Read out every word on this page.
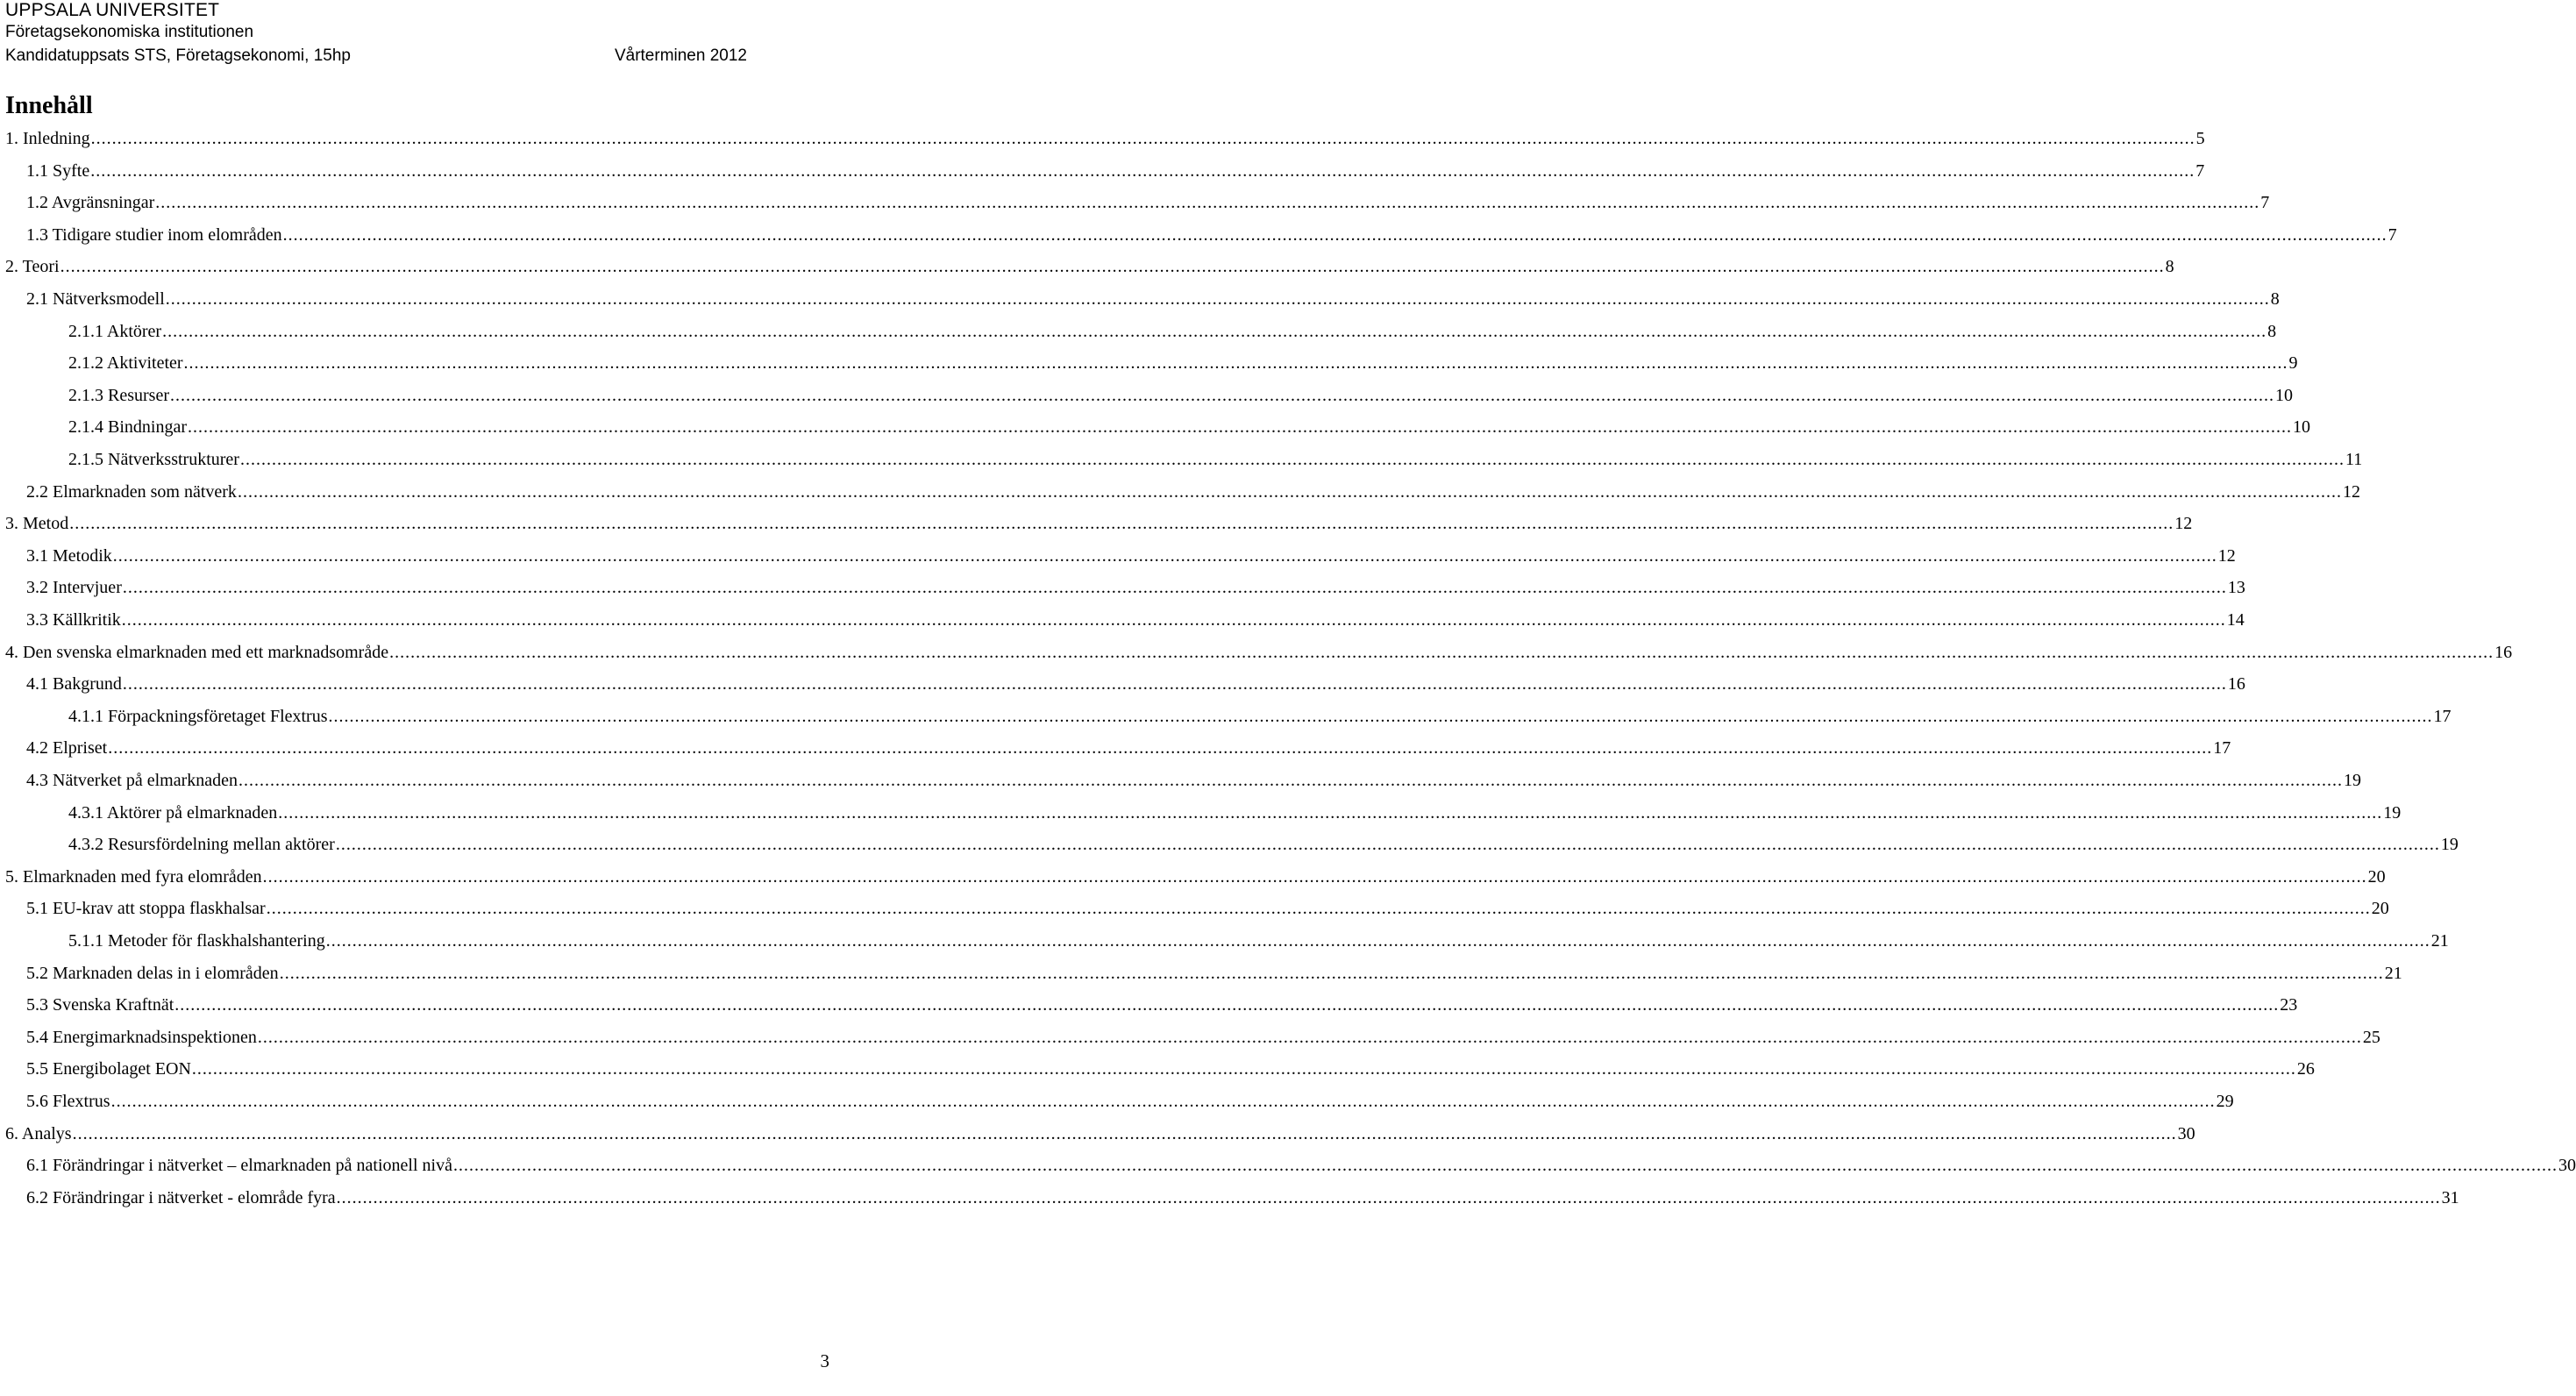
UPPSALA UNIVERSITET
Företagsekonomiska institutionen
Kandidatuppsats STS, Företagsekonomi, 15hp	Vårterminen 2012
Innehåll
1. Inledning ................................................................................................................................................................................................................................................................................................................................................................................................................ 5
1.1 Syfte ................................................................................................................................................................................................................................................................................................................................................................................................................ 7
1.2 Avgränsningar ................................................................................................................................................................................................................................................................................................................................................................................................................ 7
1.3 Tidigare studier inom elområden ................................................................................................................................................................................................................................................................................................................................................................................................................ 7
2. Teori ................................................................................................................................................................................................................................................................................................................................................................................................................ 8
2.1 Nätverksmodell ................................................................................................................................................................................................................................................................................................................................................................................................................ 8
2.1.1 Aktörer ................................................................................................................................................................................................................................................................................................................................................................................................................ 8
2.1.2 Aktiviteter ................................................................................................................................................................................................................................................................................................................................................................................................................ 9
2.1.3 Resurser ................................................................................................................................................................................................................................................................................................................................................................................................................ 10
2.1.4 Bindningar ................................................................................................................................................................................................................................................................................................................................................................................................................ 10
2.1.5 Nätverksstrukturer ................................................................................................................................................................................................................................................................................................................................................................................................................ 11
2.2 Elmarknaden som nätverk ................................................................................................................................................................................................................................................................................................................................................................................................................ 12
3. Metod ................................................................................................................................................................................................................................................................................................................................................................................................................ 12
3.1 Metodik ................................................................................................................................................................................................................................................................................................................................................................................................................ 12
3.2 Intervjuer ................................................................................................................................................................................................................................................................................................................................................................................................................ 13
3.3 Källkritik ................................................................................................................................................................................................................................................................................................................................................................................................................ 14
4. Den svenska elmarknaden med ett marknadsområde ................................................................................................................................................................................................................................................................................................................................................................................................................ 16
4.1 Bakgrund ................................................................................................................................................................................................................................................................................................................................................................................................................ 16
4.1.1 Förpackningsföretaget Flextrus ................................................................................................................................................................................................................................................................................................................................................................................................................ 17
4.2 Elpriset ................................................................................................................................................................................................................................................................................................................................................................................................................ 17
4.3 Nätverket på elmarknaden ................................................................................................................................................................................................................................................................................................................................................................................................................ 19
4.3.1 Aktörer på elmarknaden ................................................................................................................................................................................................................................................................................................................................................................................................................ 19
4.3.2 Resursfördelning mellan aktörer ................................................................................................................................................................................................................................................................................................................................................................................................................ 19
5. Elmarknaden med fyra elområden ................................................................................................................................................................................................................................................................................................................................................................................................................ 20
5.1 EU-krav att stoppa flaskhalsar ................................................................................................................................................................................................................................................................................................................................................................................................................ 20
5.1.1 Metoder för flaskhalshantering ................................................................................................................................................................................................................................................................................................................................................................................................................ 21
5.2 Marknaden delas in i elområden ................................................................................................................................................................................................................................................................................................................................................................................................................ 21
5.3 Svenska Kraftnät ................................................................................................................................................................................................................................................................................................................................................................................................................ 23
5.4 Energimarknadsinspektionen ................................................................................................................................................................................................................................................................................................................................................................................................................ 25
5.5 Energibolaget EON ................................................................................................................................................................................................................................................................................................................................................................................................................ 26
5.6 Flextrus ................................................................................................................................................................................................................................................................................................................................................................................................................ 29
6. Analys ................................................................................................................................................................................................................................................................................................................................................................................................................ 30
6.1 Förändringar i nätverket – elmarknaden på nationell nivå ................................................................................................................................................................................................................................................................................................................................................................................................................ 30
6.2 Förändringar i nätverket - elområde fyra ................................................................................................................................................................................................................................................................................................................................................................................................................ 31
3
